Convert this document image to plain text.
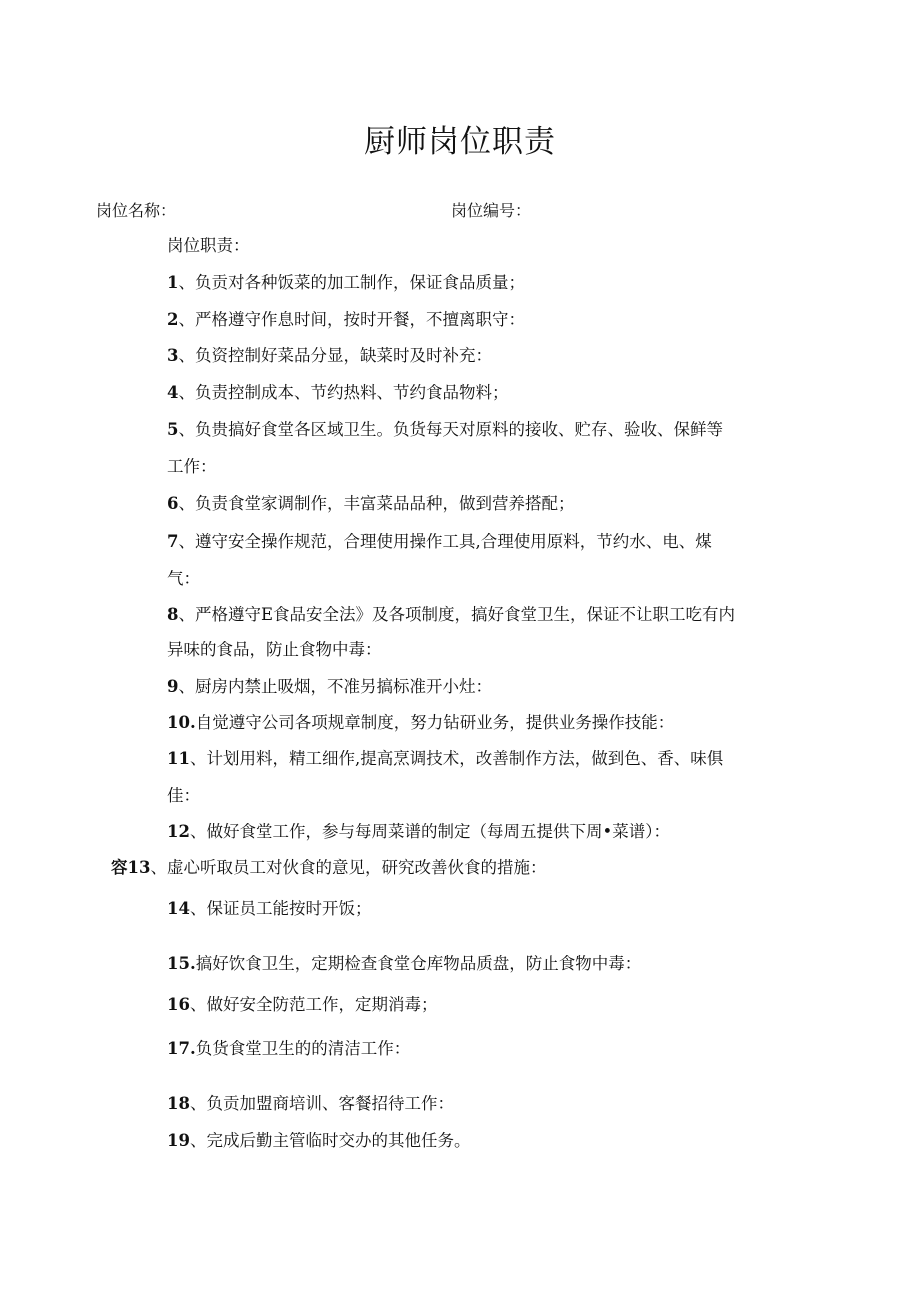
厨师岗位职责
岗位名称：	岗位编号：
岗位职责：
1、负贡对各种饭菜的加工制作，保证食品质量；
2、严格遵守作息时间，按时开餐，不擅离职守：
3、负资控制好菜品分显，缺菜时及时补充：
4、负责控制成本、节约热料、节约食品物料；
5、负贵搞好食堂各区域卫生。负货每天对原料的接收、贮存、验收、保鲜等
工作：
6、负责食堂家调制作，丰富菜品品种，做到营养搭配；
7、遵守安全操作规范，合理使用操作工具,合理使用原料，节约水、电、煤
气：
8、严格遵守E食品安全法》及各项制度，搞好食堂卫生，保证不让职工吃有内
异味的食品，防止食物中毒：
9、厨房内禁止吸烟，不准另搞标准开小灶：
10.自觉遵守公司各项规章制度，努力钻研业务，提供业务操作技能：
11、计划用料，精工细作,提高烹调技术，改善制作方法，做到色、香、味俱
佳：
12、做好食堂工作，参与每周菜谱的制定（每周五提供下周•菜谱）：
容13、虚心听取员工对伙食的意见，研究改善伙食的措施：
14、保证员工能按时开饭；
15.搞好饮食卫生，定期检查食堂仓库物品质盘，防止食物中毒：
16、做好安全防范工作，定期消毒；
17.负货食堂卫生的的清洁工作：
18、负贡加盟商培训、客餐招待工作：
19、完成后勤主管临时交办的其他任务。
